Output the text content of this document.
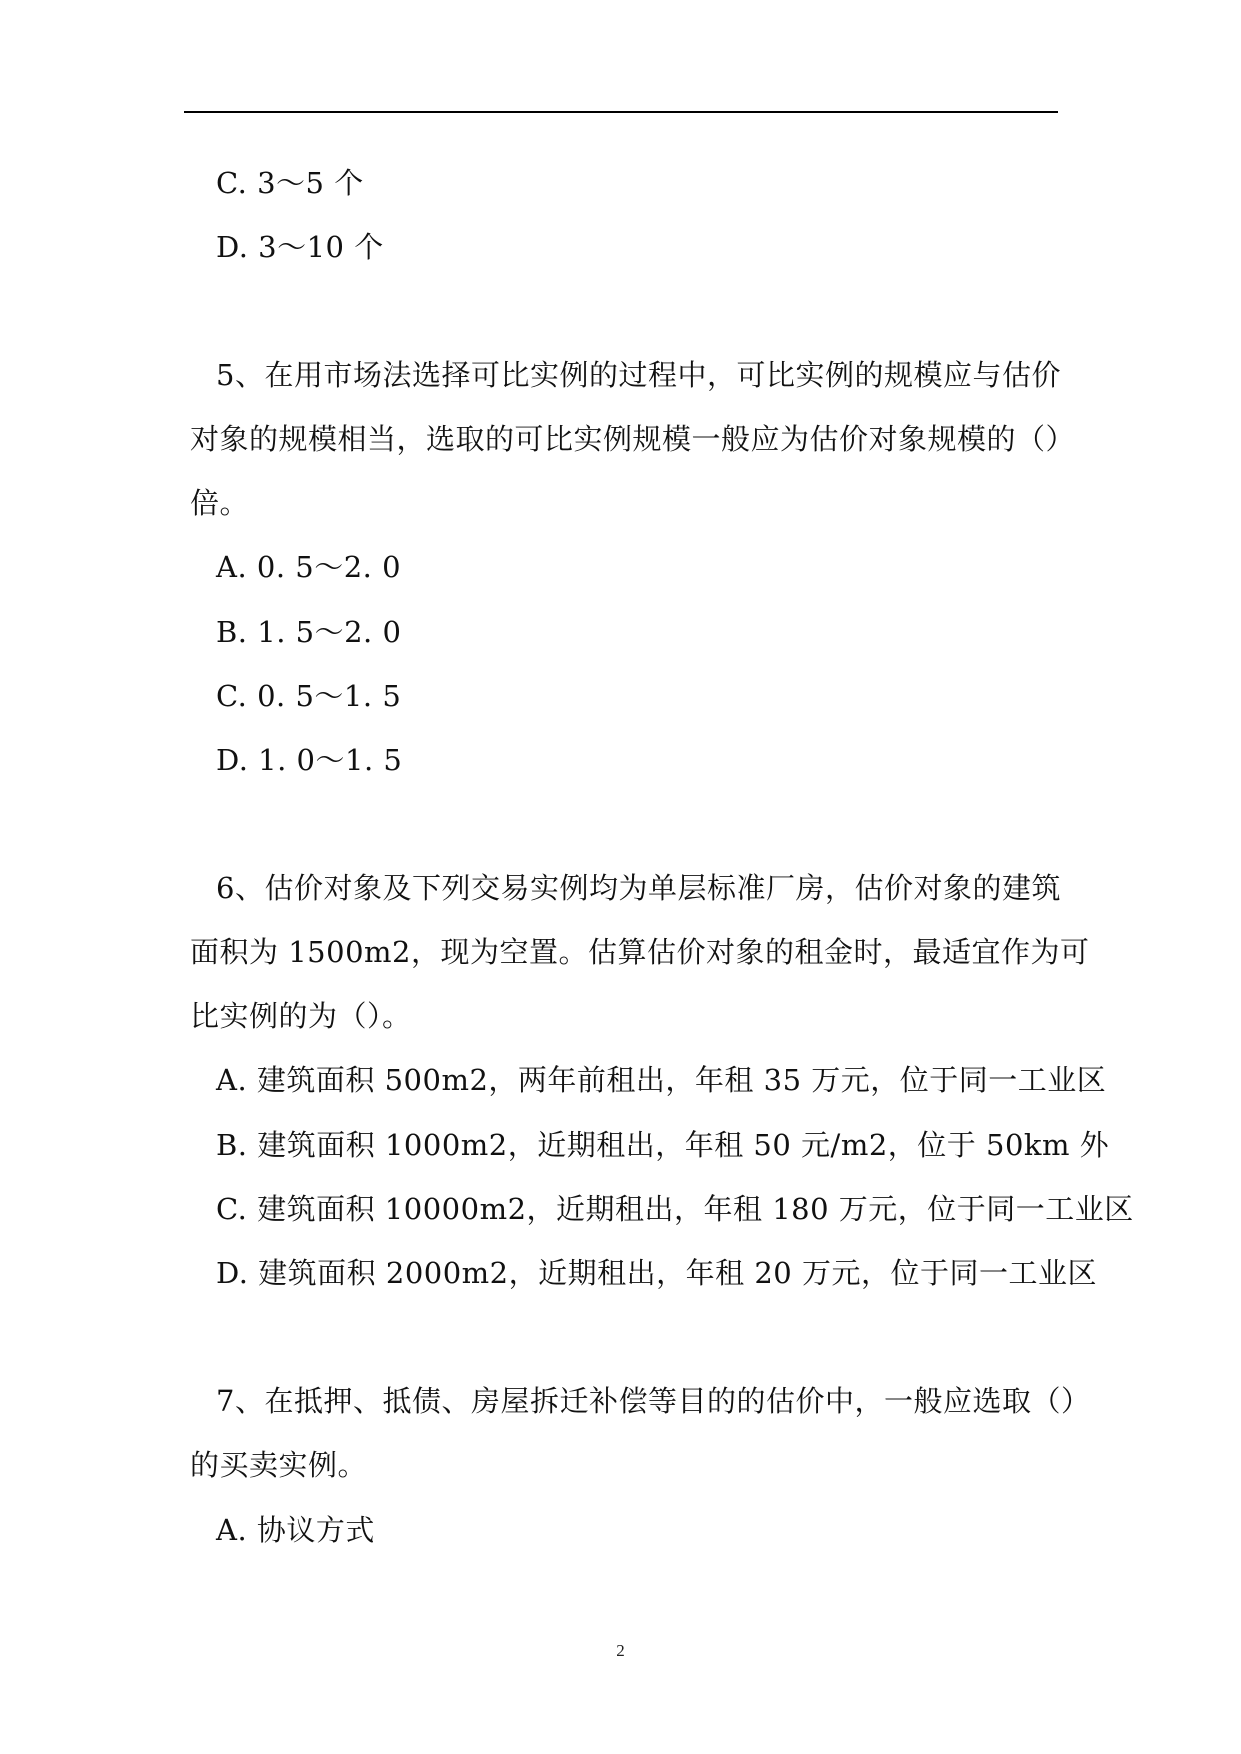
C. 3～5 个
D. 3～10 个
5、在用市场法选择可比实例的过程中，可比实例的规模应与估价
对象的规模相当，选取的可比实例规模一般应为估价对象规模的（）
倍。
A. 0. 5～2. 0
B. 1. 5～2. 0
C. 0. 5～1. 5
D. 1. 0～1. 5
6、估价对象及下列交易实例均为单层标准厂房，估价对象的建筑
面积为 1500m2，现为空置。估算估价对象的租金时，最适宜作为可
比实例的为（）。
A. 建筑面积 500m2，两年前租出，年租 35 万元，位于同一工业区
B. 建筑面积 1000m2，近期租出，年租 50 元/m2，位于 50km 外
C. 建筑面积 10000m2，近期租出，年租 180 万元，位于同一工业区
D. 建筑面积 2000m2，近期租出，年租 20 万元，位于同一工业区
7、在抵押、抵债、房屋拆迁补偿等目的的估价中，一般应选取（）
的买卖实例。
A. 协议方式
2
